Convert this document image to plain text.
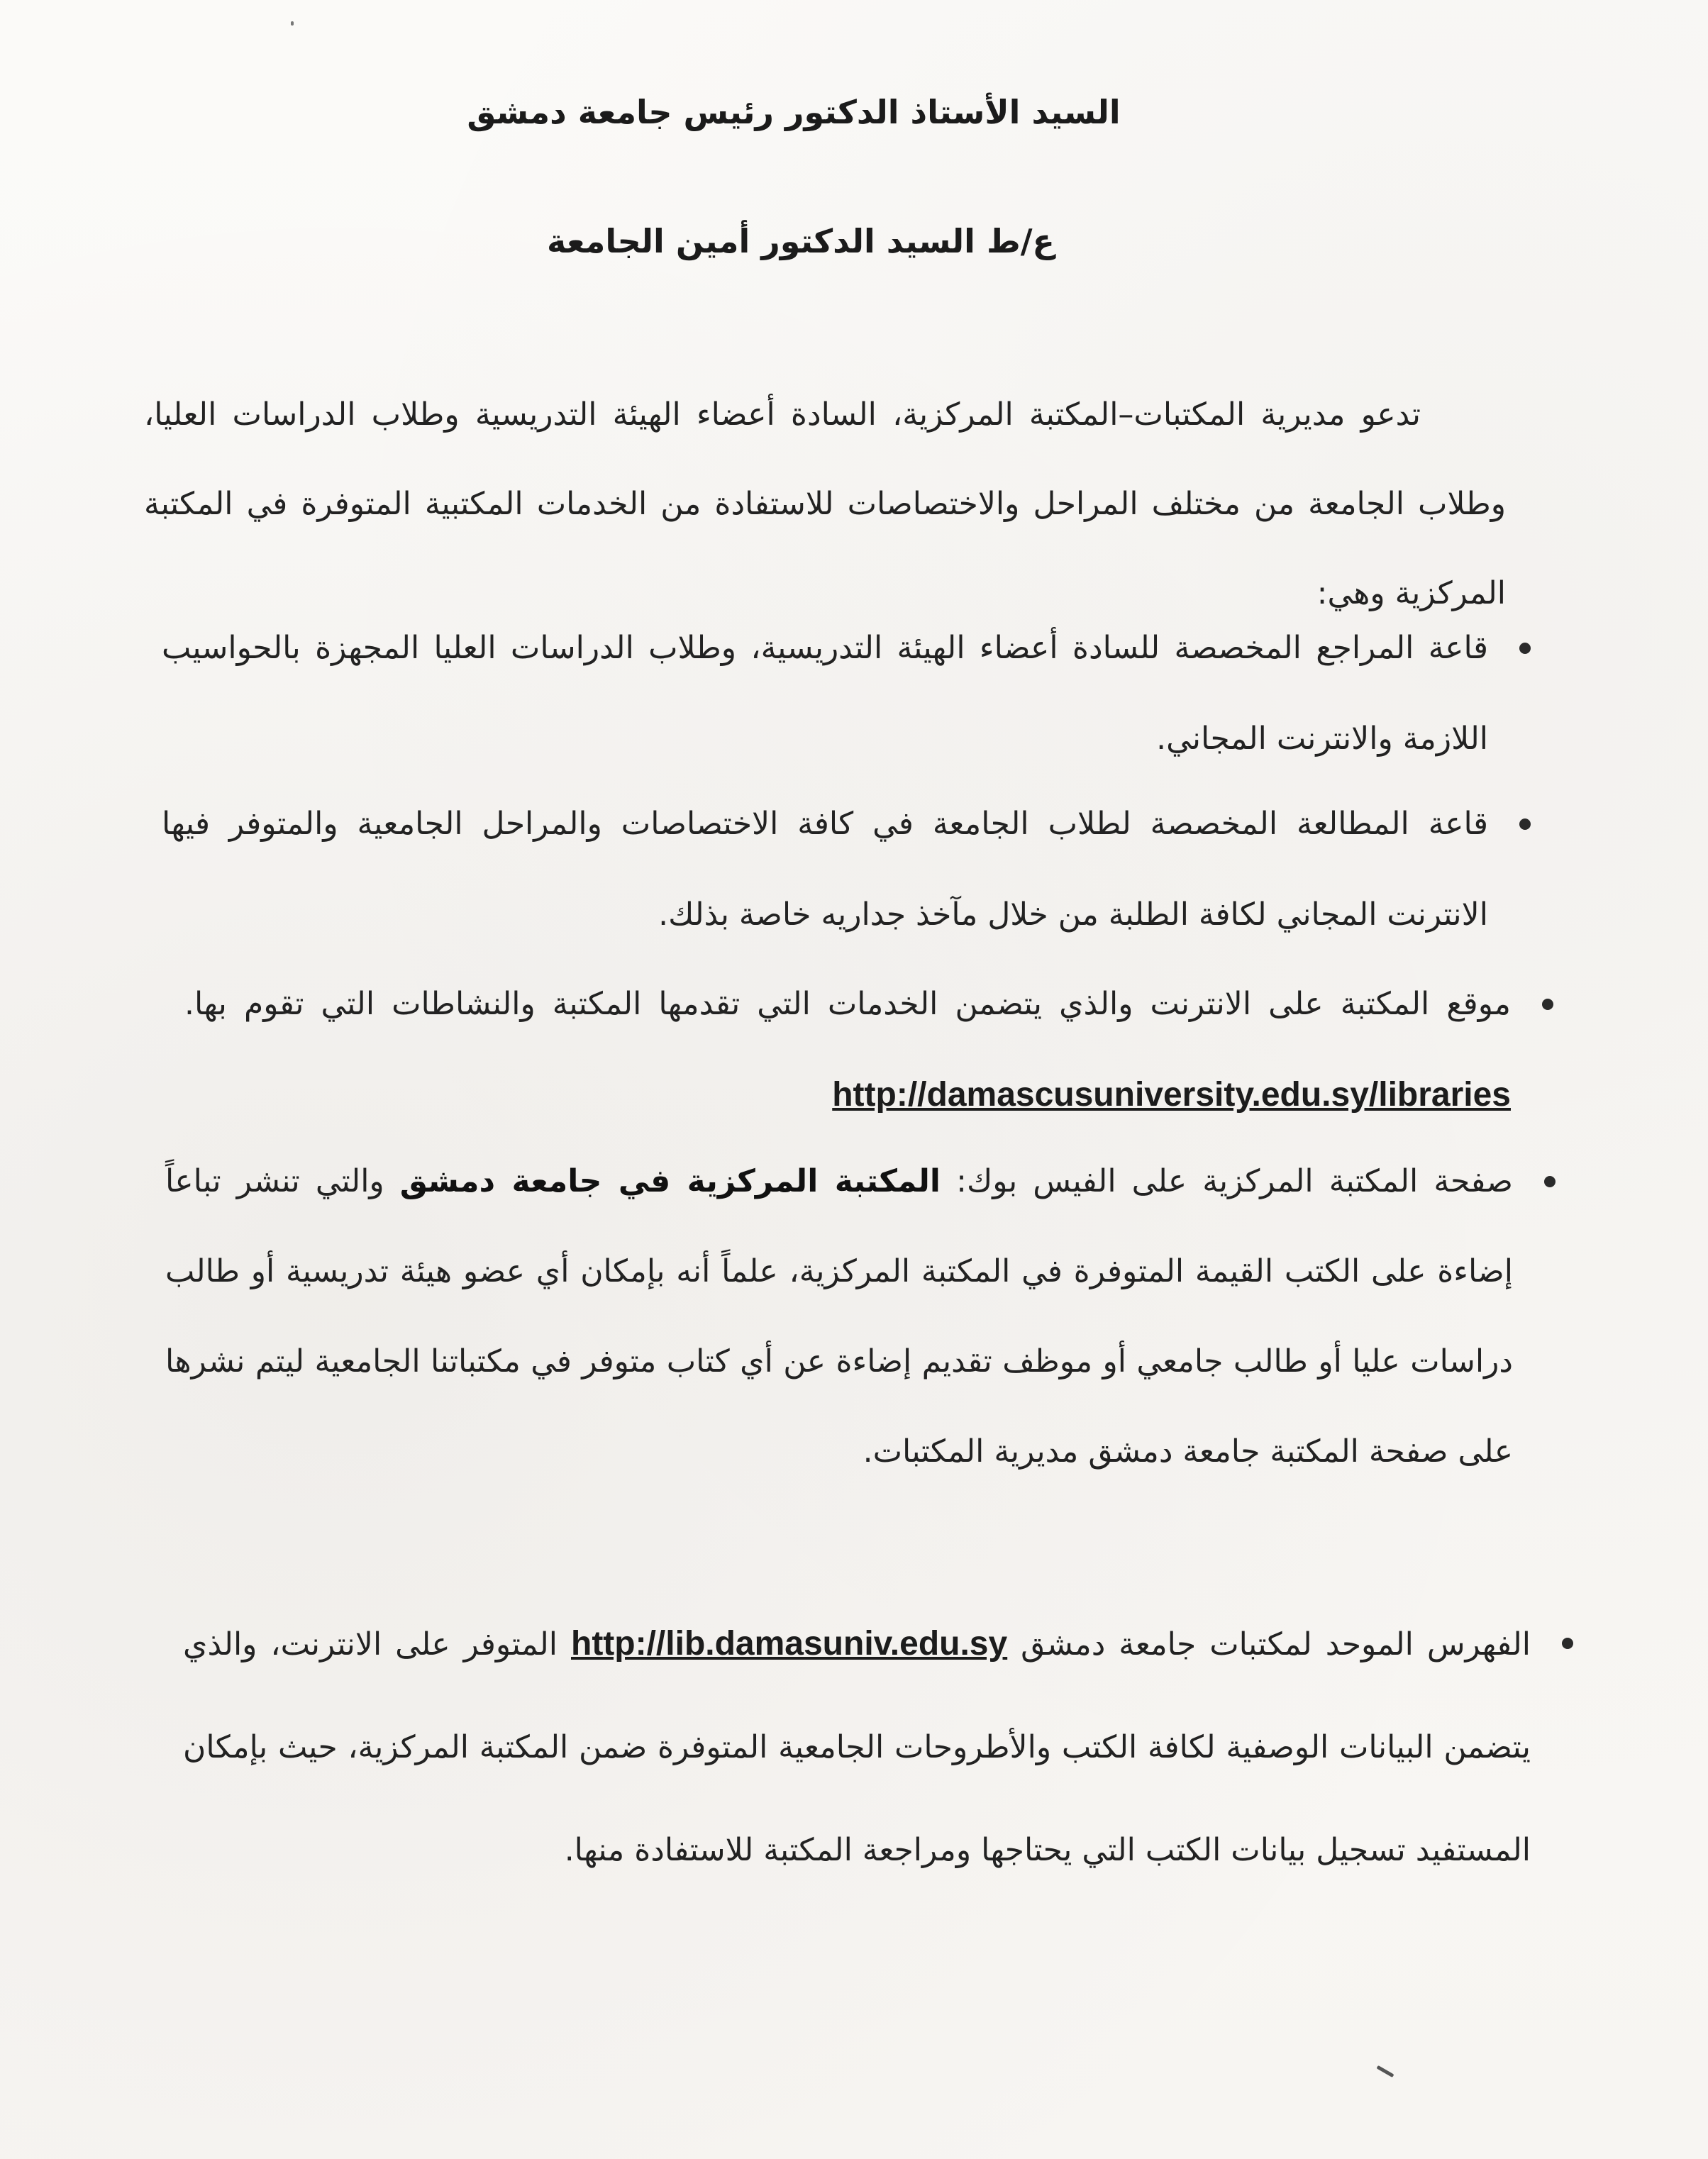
السيد الأستاذ الدكتور رئيس جامعة دمشق
ع/ط السيد الدكتور أمين الجامعة

تدعو مديرية المكتبات–المكتبة المركزية، السادة أعضاء الهيئة التدريسية وطلاب الدراسات العليا، وطلاب الجامعة من مختلف المراحل والاختصاصات للاستفادة من الخدمات المكتبية المتوفرة في المكتبة المركزية وهي:

قاعة المراجع المخصصة للسادة أعضاء الهيئة التدريسية، وطلاب الدراسات العليا المجهزة بالحواسيب اللازمة والانترنت المجاني.
قاعة المطالعة المخصصة لطلاب الجامعة في كافة الاختصاصات والمراحل الجامعية والمتوفر فيها الانترنت المجاني لكافة الطلبة من خلال مآخذ جداريه خاصة بذلك.
موقع المكتبة على الانترنت والذي يتضمن الخدمات التي تقدمها المكتبة والنشاطات التي تقوم بها. http://damascusuniversity.edu.sy/libraries
صفحة المكتبة المركزية على الفيس بوك: المكتبة المركزية في جامعة دمشق والتي تنشر تباعاً إضاءة على الكتب القيمة المتوفرة في المكتبة المركزية، علماً أنه بإمكان أي عضو هيئة تدريسية أو طالب دراسات عليا أو طالب جامعي أو موظف تقديم إضاءة عن أي كتاب متوفر في مكتباتنا الجامعية ليتم نشرها على صفحة المكتبة جامعة دمشق مديرية المكتبات.
الفهرس الموحد لمكتبات جامعة دمشق http://lib.damasuniv.edu.sy المتوفر على الانترنت، والذي يتضمن البيانات الوصفية لكافة الكتب والأطروحات الجامعية المتوفرة ضمن المكتبة المركزية، حيث بإمكان المستفيد تسجيل بيانات الكتب التي يحتاجها ومراجعة المكتبة للاستفادة منها.
